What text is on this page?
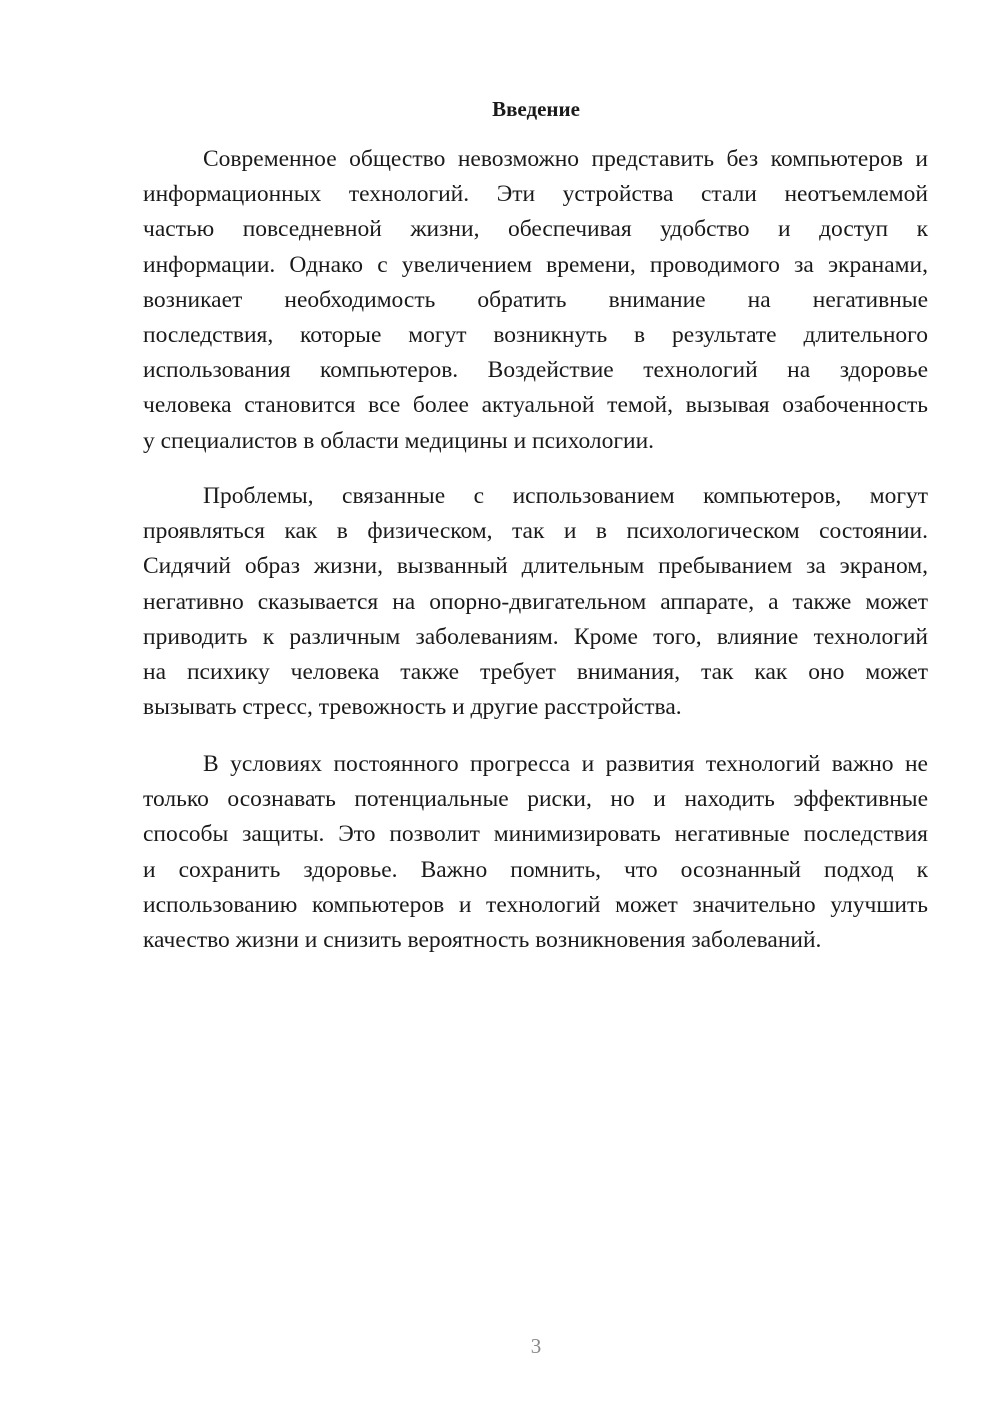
Введение
Современное общество невозможно представить без компьютеров и
информационных технологий. Эти устройства стали неотъемлемой
частью повседневной жизни, обеспечивая удобство и доступ к
информации. Однако с увеличением времени, проводимого за экранами,
возникает необходимость обратить внимание на негативные
последствия, которые могут возникнуть в результате длительного
использования компьютеров. Воздействие технологий на здоровье
человека становится все более актуальной темой, вызывая озабоченность
у специалистов в области медицины и психологии.
Проблемы, связанные с использованием компьютеров, могут
проявляться как в физическом, так и в психологическом состоянии.
Сидячий образ жизни, вызванный длительным пребыванием за экраном,
негативно сказывается на опорно-двигательном аппарате, а также может
приводить к различным заболеваниям. Кроме того, влияние технологий
на психику человека также требует внимания, так как оно может
вызывать стресс, тревожность и другие расстройства.
В условиях постоянного прогресса и развития технологий важно не
только осознавать потенциальные риски, но и находить эффективные
способы защиты. Это позволит минимизировать негативные последствия
и сохранить здоровье. Важно помнить, что осознанный подход к
использованию компьютеров и технологий может значительно улучшить
качество жизни и снизить вероятность возникновения заболеваний.
3
